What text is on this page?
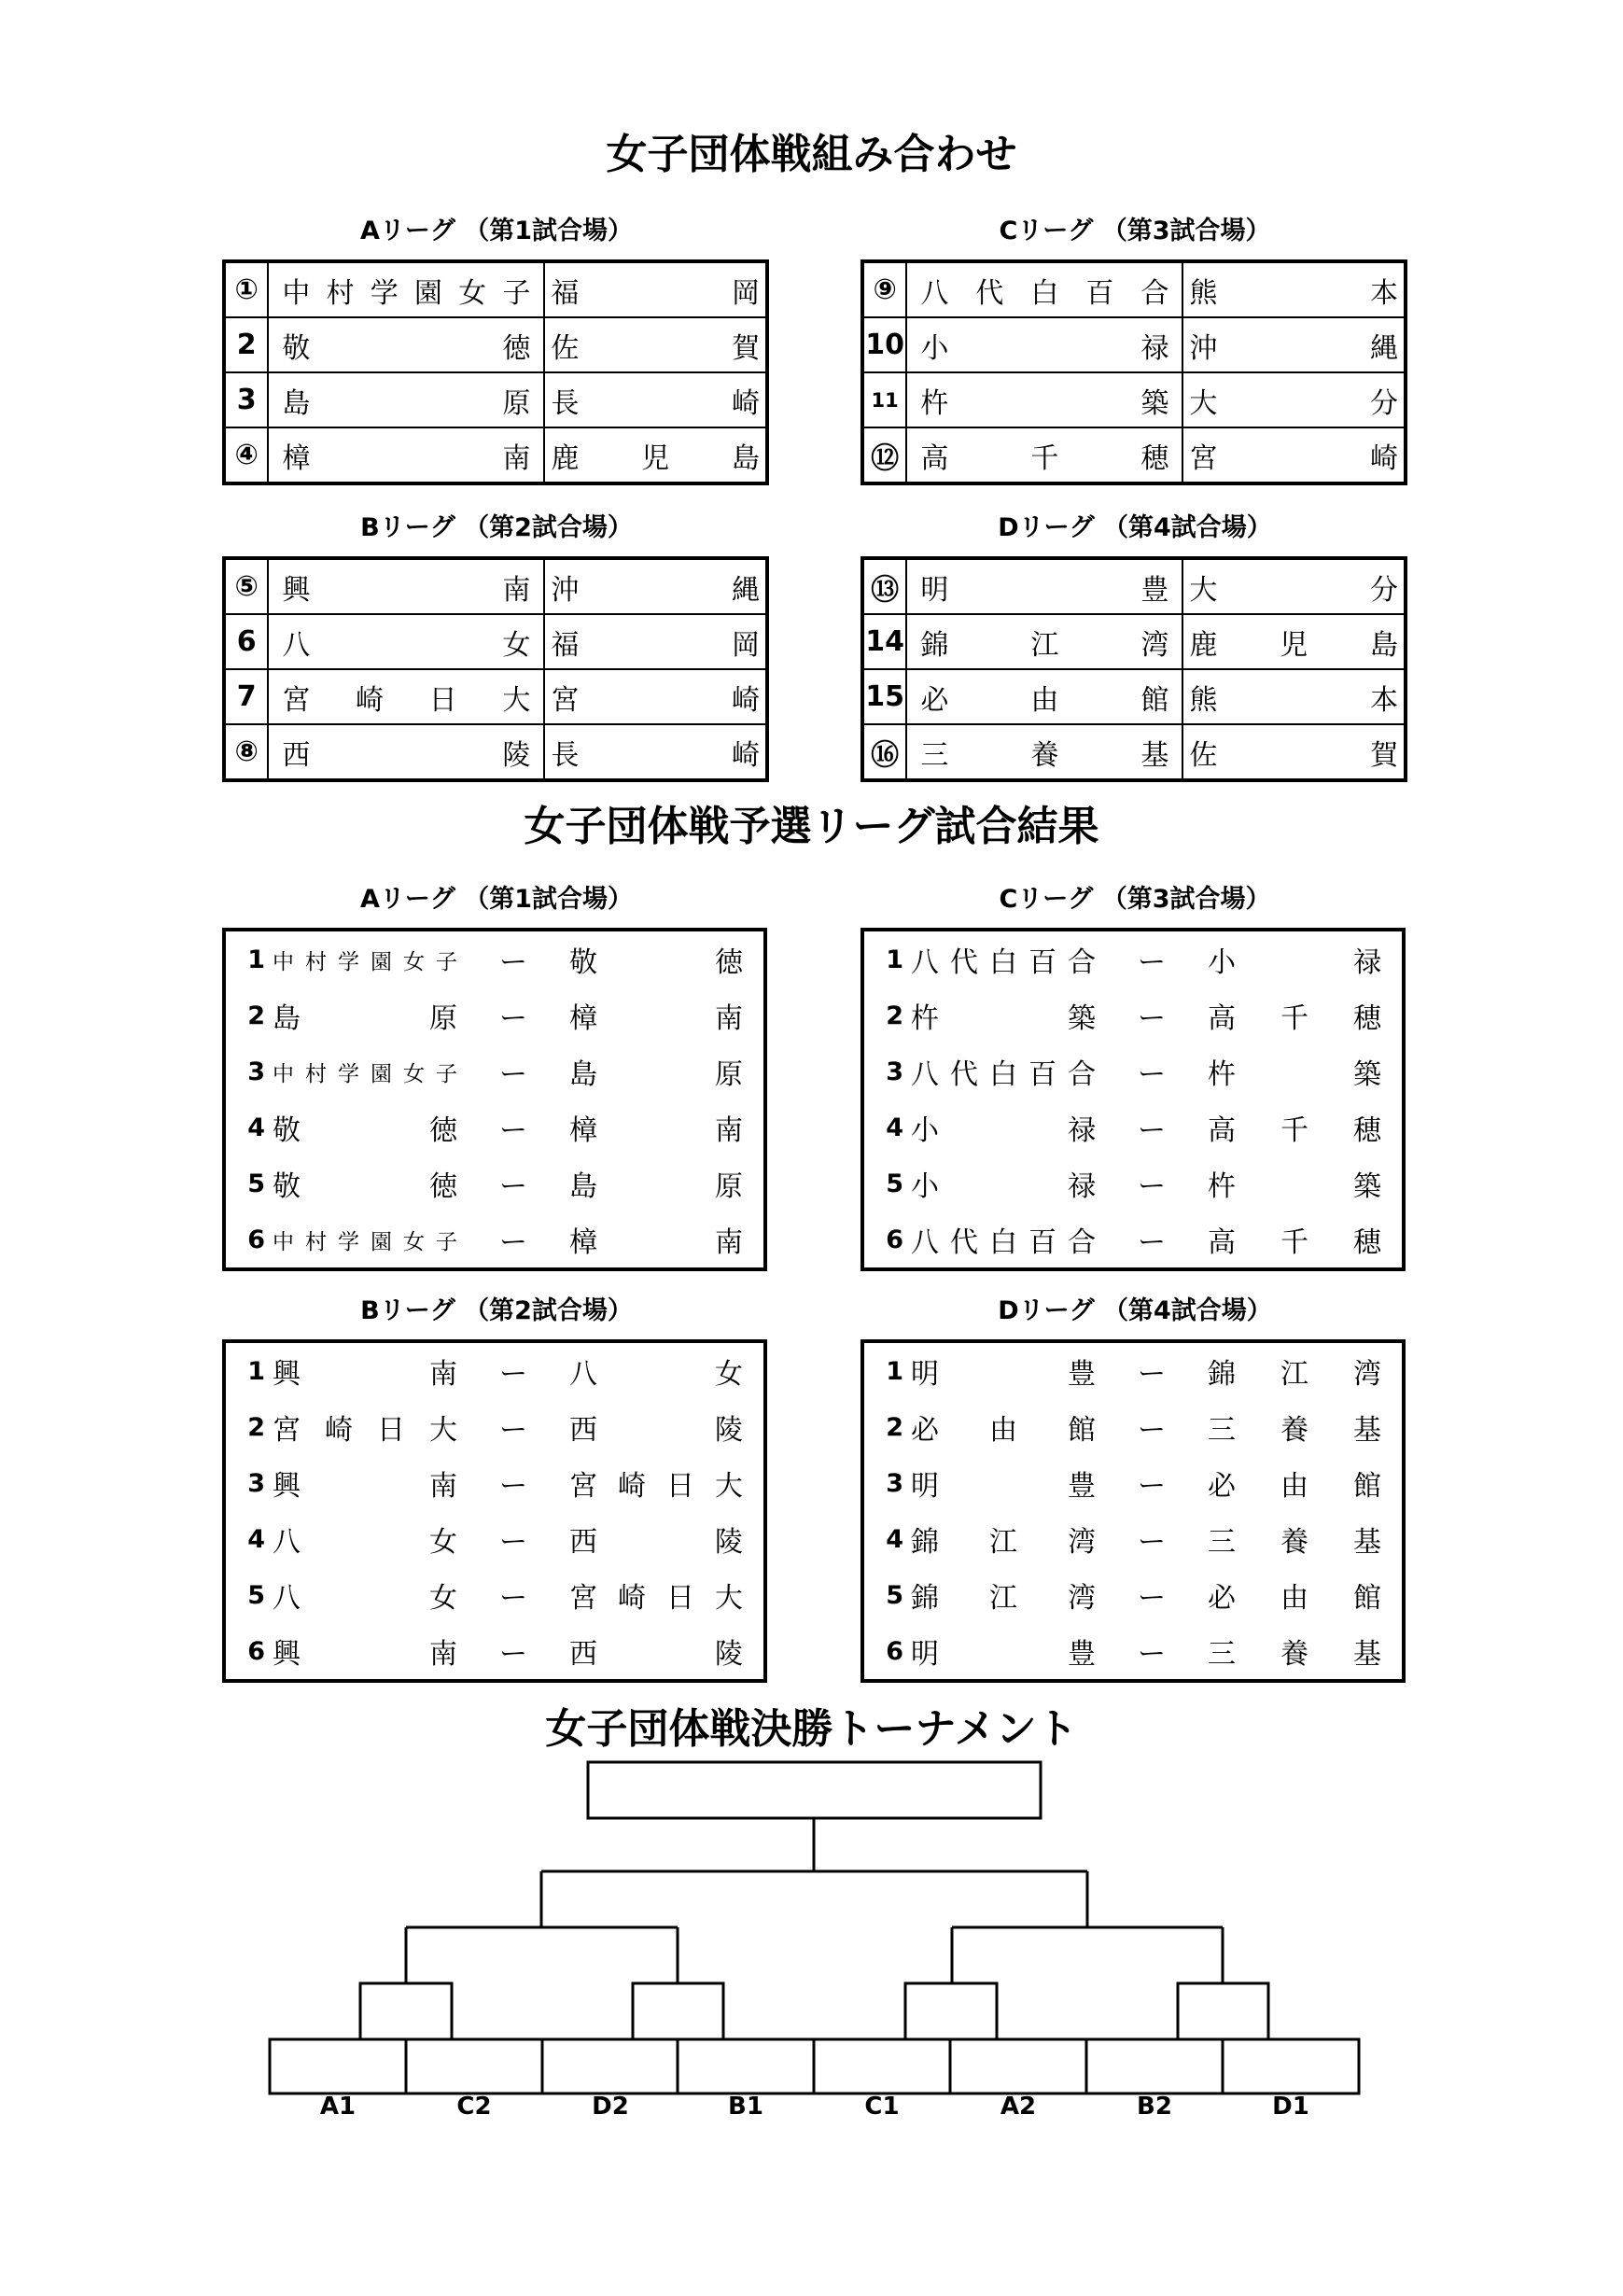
女子団体戦組み合わせ
女子団体戦予選リーグ試合結果
女子団体戦決勝トーナメント
Aリーグ （第1試合場）	Cリーグ （第3試合場）
Bリーグ （第2試合場）	Dリーグ （第4試合場）
①	中村学園女子	福岡
2	敬徳	佐賀
3	島原	長崎
④	樟南	鹿児島
⑨	八代白百合	熊本
10	小禄	沖縄
11	杵築	大分
⑫	高千穂	宮崎
⑤	興南	沖縄
6	八女	福岡
7	宮崎日大	宮崎
⑧	西陵	長崎
⑬	明豊	大分
14	錦江湾	鹿児島
15	必由館	熊本
⑯	三養基	佐賀
Aリーグ （第1試合場）	Cリーグ （第3試合場）
Bリーグ （第2試合場）	Dリーグ （第4試合場）
1 中村学園女子	ー	敬徳
2 島原	ー	樟南
3 中村学園女子	ー	島原
4 敬徳	ー	樟南
5 敬徳	ー	島原
6 中村学園女子	ー	樟南
1 八代白百合	ー	小禄
2 杵築	ー	高千穂
3 八代白百合	ー	杵築
4 小禄	ー	高千穂
5 小禄	ー	杵築
6 八代白百合	ー	高千穂
1 興南	ー	八女
2 宮崎日大	ー	西陵
3 興南	ー	宮崎日大
4 八女	ー	西陵
5 八女	ー	宮崎日大
6 興南	ー	西陵
1 明豊	ー	錦江湾
2 必由館	ー	三養基
3 明豊	ー	必由館
4 錦江湾	ー	三養基
5 錦江湾	ー	必由館
6 明豊	ー	三養基
A1	C2	D2	B1	C1	A2	B2	D1
